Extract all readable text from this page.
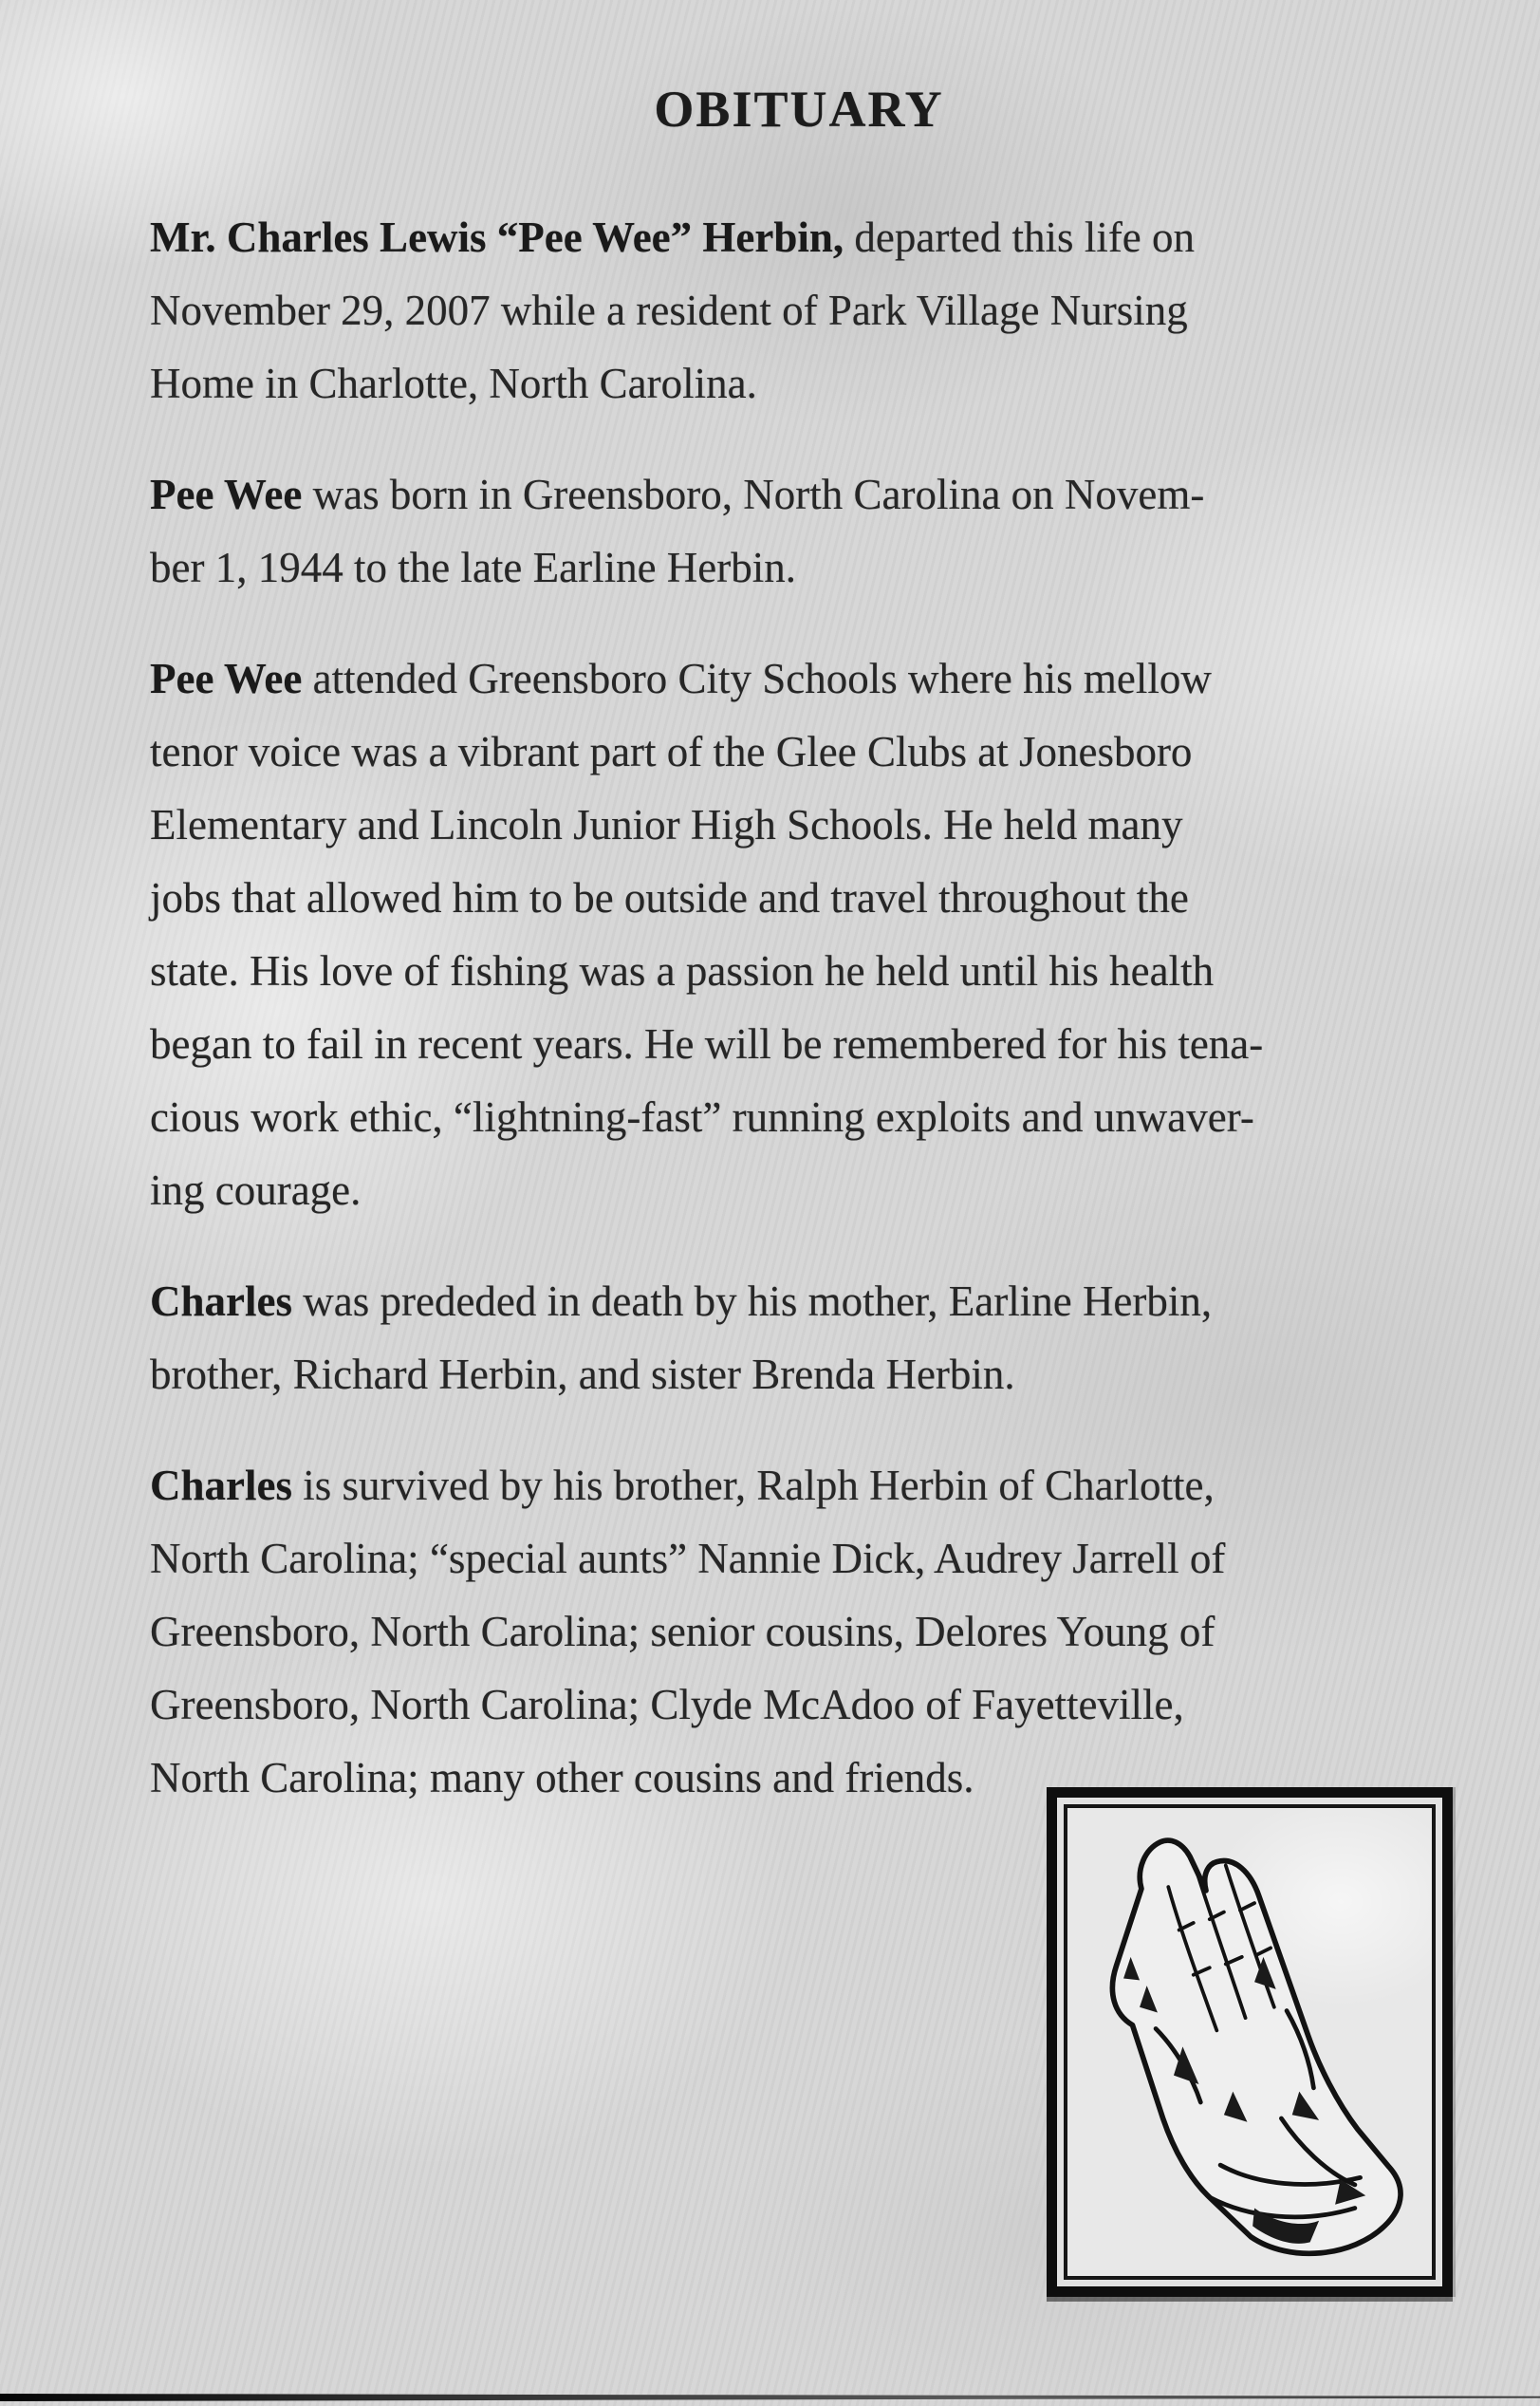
OBITUARY
Mr. Charles Lewis “Pee Wee” Herbin, departed this life on
November 29, 2007 while a resident of Park Village Nursing
Home in Charlotte, North Carolina.
Pee Wee was born in Greensboro, North Carolina on Novem-
ber 1, 1944 to the late Earline Herbin.
Pee Wee attended Greensboro City Schools where his mellow
tenor voice was a vibrant part of the Glee Clubs at Jonesboro
Elementary and Lincoln Junior High Schools. He held many
jobs that allowed him to be outside and travel throughout the
state. His love of fishing was a passion he held until his health
began to fail in recent years. He will be remembered for his tena-
cious work ethic, “lightning-fast” running exploits and unwaver-
ing courage.
Charles was prededed in death by his mother, Earline Herbin,
brother, Richard Herbin, and sister Brenda Herbin.
Charles is survived by his brother, Ralph Herbin of Charlotte,
North Carolina; “special aunts” Nannie Dick, Audrey Jarrell of
Greensboro, North Carolina; senior cousins, Delores Young of
Greensboro, North Carolina; Clyde McAdoo of Fayetteville,
North Carolina; many other cousins and friends.
